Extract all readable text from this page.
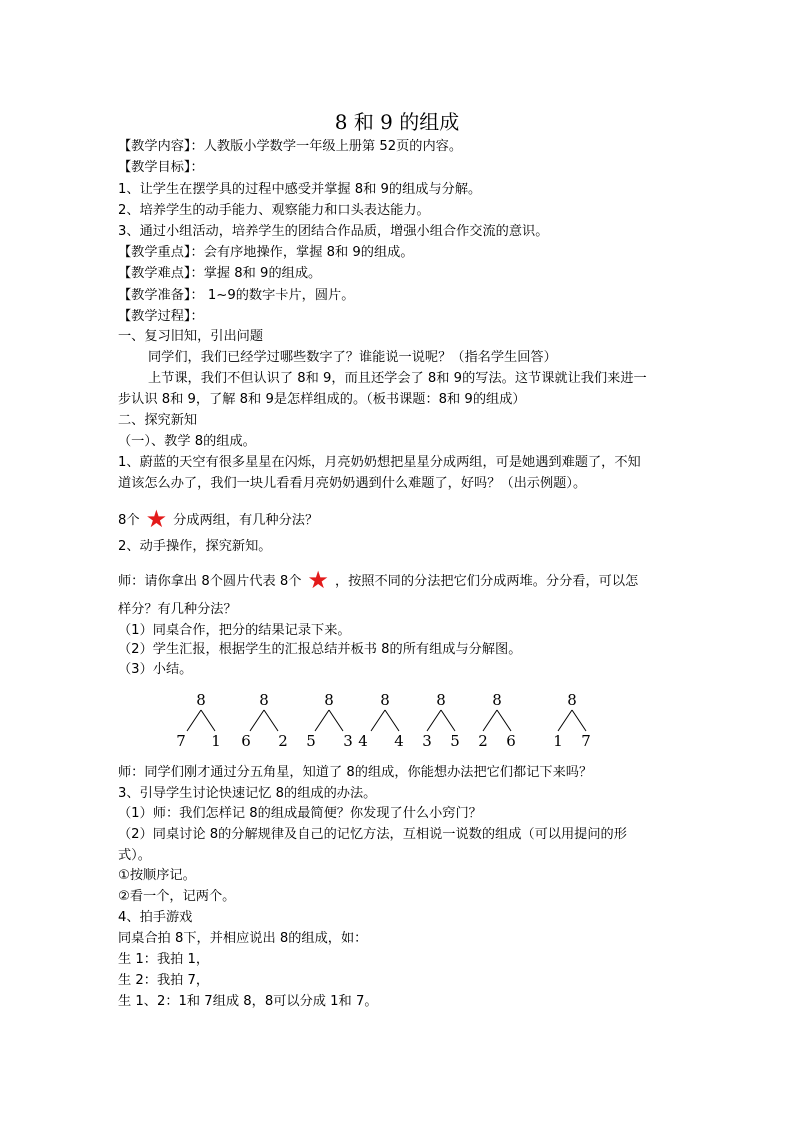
8 和 9 的组成
【教学内容】：人教版小学数学一年级上册第 52页的内容。
【教学目标】：
1、让学生在摆学具的过程中感受并掌握 8和 9的组成与分解。
2、培养学生的动手能力、观察能力和口头表达能力。
3、通过小组活动，培养学生的团结合作品质，增强小组合作交流的意识。
【教学重点】：会有序地操作，掌握 8和 9的组成。
【教学难点】：掌握 8和 9的组成。
【教学准备】： 1~9的数字卡片，圆片。
【教学过程】：
一、复习旧知，引出问题
同学们，我们已经学过哪些数字了？谁能说一说呢？（指名学生回答）
上节课，我们不但认识了 8和 9，而且还学会了 8和 9的写法。这节课就让我们来进一
步认识 8和 9，了解 8和 9是怎样组成的。（板书课题：8和 9的组成）
二、探究新知
（一）、教学 8的组成。
1、蔚蓝的天空有很多星星在闪烁，月亮奶奶想把星星分成两组，可是她遇到难题了，不知
道该怎么办了，我们一块儿看看月亮奶奶遇到什么难题了，好吗？（出示例题）。
8个 ★ 分成两组，有几种分法？
2、动手操作，探究新知。
师：请你拿出 8个圆片代表 8个 ★ ，按照不同的分法把它们分成两堆。分分看，可以怎
样分？有几种分法？
（1）同桌合作，把分的结果记录下来。
（2）学生汇报，根据学生的汇报总结并板书 8的所有组成与分解图。
（3）小结。
8
7 1
8
6 2
8
5 3
8
4 4
8
3 5
8
2 6
8
1 7
师：同学们刚才通过分五角星，知道了 8的组成，你能想办法把它们都记下来吗？
3、引导学生讨论快速记忆 8的组成的办法。
（1）师：我们怎样记 8的组成最简便？你发现了什么小窍门？
（2）同桌讨论 8的分解规律及自己的记忆方法，互相说一说数的组成（可以用提问的形
式）。
①按顺序记。
②看一个，记两个。
4、拍手游戏
同桌合拍 8下，并相应说出 8的组成，如：
生 1：我拍 1，
生 2：我拍 7，
生 1、2：1和 7组成 8，8可以分成 1和 7。
